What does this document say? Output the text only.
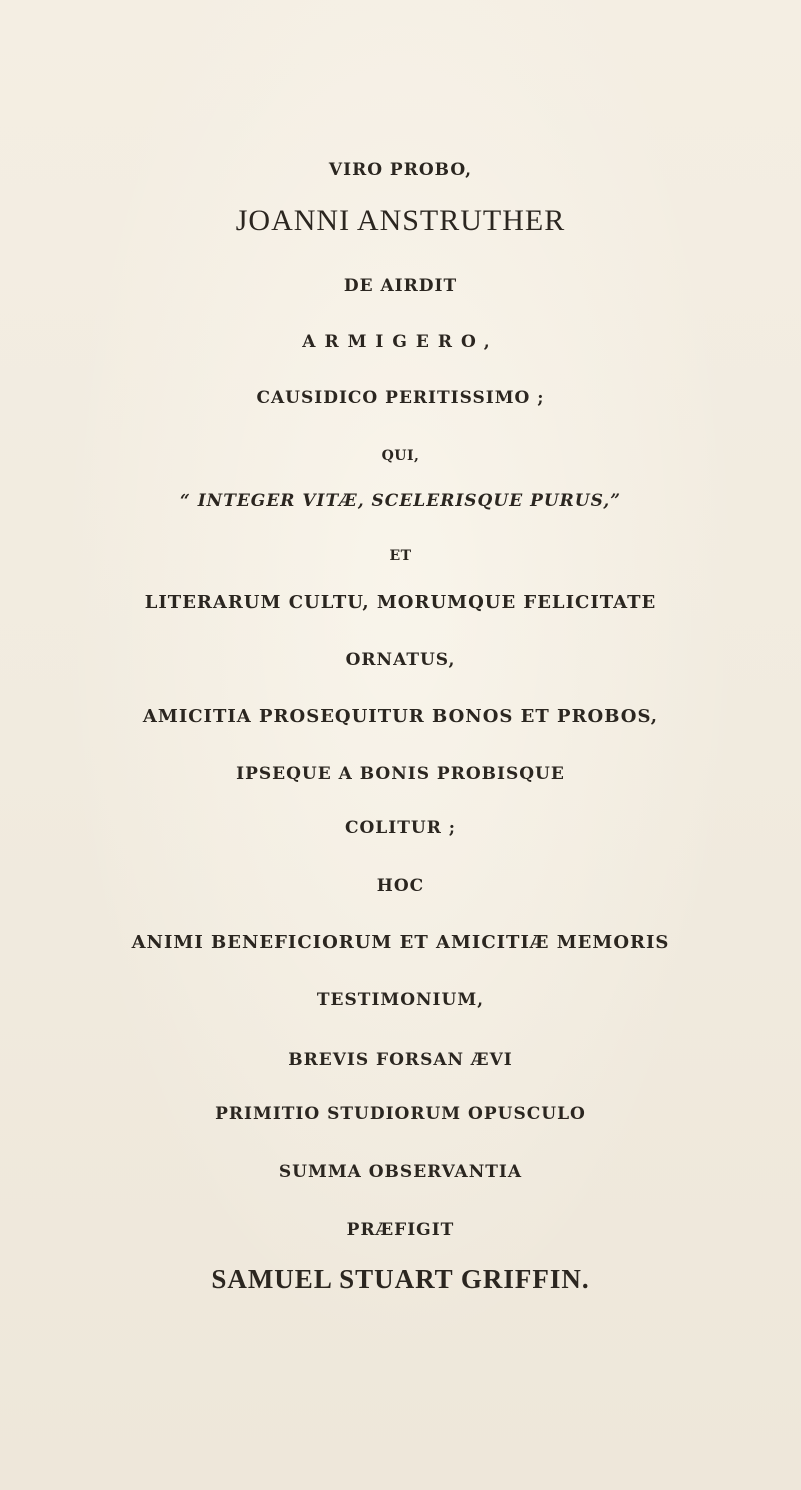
VIRO PROBO,
JOANNI ANSTRUTHER
DE AIRDIT
ARMIGERO,
CAUSIDICO PERITISSIMO ;
QUI,
“ INTEGER VITÆ, SCELERISQUE PURUS,”
ET
LITERARUM CULTU, MORUMQUE FELICITATE
ORNATUS,
AMICITIA PROSEQUITUR BONOS ET PROBOS,
IPSEQUE A BONIS PROBISQUE
COLITUR ;
HOC
ANIMI BENEFICIORUM ET AMICITIÆ MEMORIS
TESTIMONIUM,
BREVIS FORSAN ÆVI
PRIMITIO STUDIORUM OPUSCULO
SUMMA OBSERVANTIA
PRÆFIGIT
SAMUEL STUART GRIFFIN.
